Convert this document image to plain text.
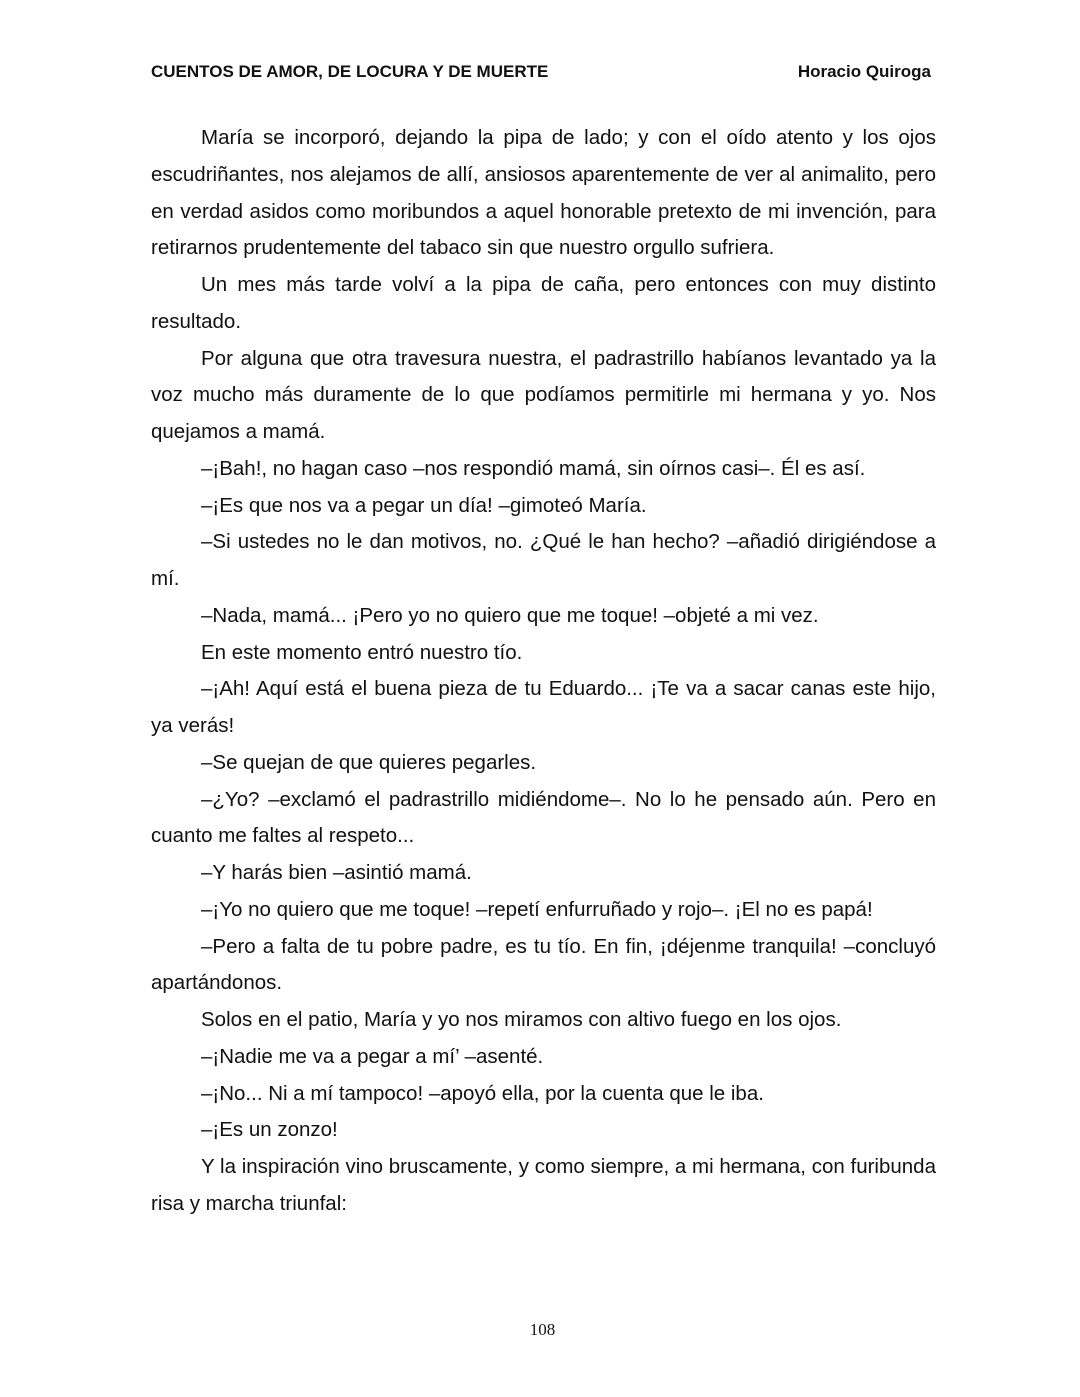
CUENTOS DE AMOR, DE LOCURA Y DE MUERTE	Horacio Quiroga

María se incorporó, dejando la pipa de lado; y con el oído atento y los ojos escudriñantes, nos alejamos de allí, ansiosos aparentemente de ver al animalito, pero en verdad asidos como moribundos a aquel honorable pretexto de mi invención, para retirarnos prudentemente del tabaco sin que nuestro orgullo sufriera.

Un mes más tarde volví a la pipa de caña, pero entonces con muy distinto resultado.

Por alguna que otra travesura nuestra, el padrastrillo habíanos levantado ya la voz mucho más duramente de lo que podíamos permitirle mi hermana y yo. Nos quejamos a mamá.

–¡Bah!, no hagan caso –nos respondió mamá, sin oírnos casi–. Él es así.

–¡Es que nos va a pegar un día! –gimoteó María.

–Si ustedes no le dan motivos, no. ¿Qué le han hecho? –añadió dirigiéndose a mí.

–Nada, mamá... ¡Pero yo no quiero que me toque! –objeté a mi vez.

En este momento entró nuestro tío.

–¡Ah! Aquí está el buena pieza de tu Eduardo... ¡Te va a sacar canas este hijo, ya verás!

–Se quejan de que quieres pegarles.

–¿Yo? –exclamó el padrastrillo midiéndome–. No lo he pensado aún. Pero en cuanto me faltes al respeto...

–Y harás bien –asintió mamá.

–¡Yo no quiero que me toque! –repetí enfurruñado y rojo–. ¡El no es papá!

–Pero a falta de tu pobre padre, es tu tío. En fin, ¡déjenme tranquila! –concluyó apartándonos.

Solos en el patio, María y yo nos miramos con altivo fuego en los ojos.

–¡Nadie me va a pegar a mí’ –asenté.

–¡No... Ni a mí tampoco! –apoyó ella, por la cuenta que le iba.

–¡Es un zonzo!

Y la inspiración vino bruscamente, y como siempre, a mi hermana, con furibunda risa y marcha triunfal:

108
